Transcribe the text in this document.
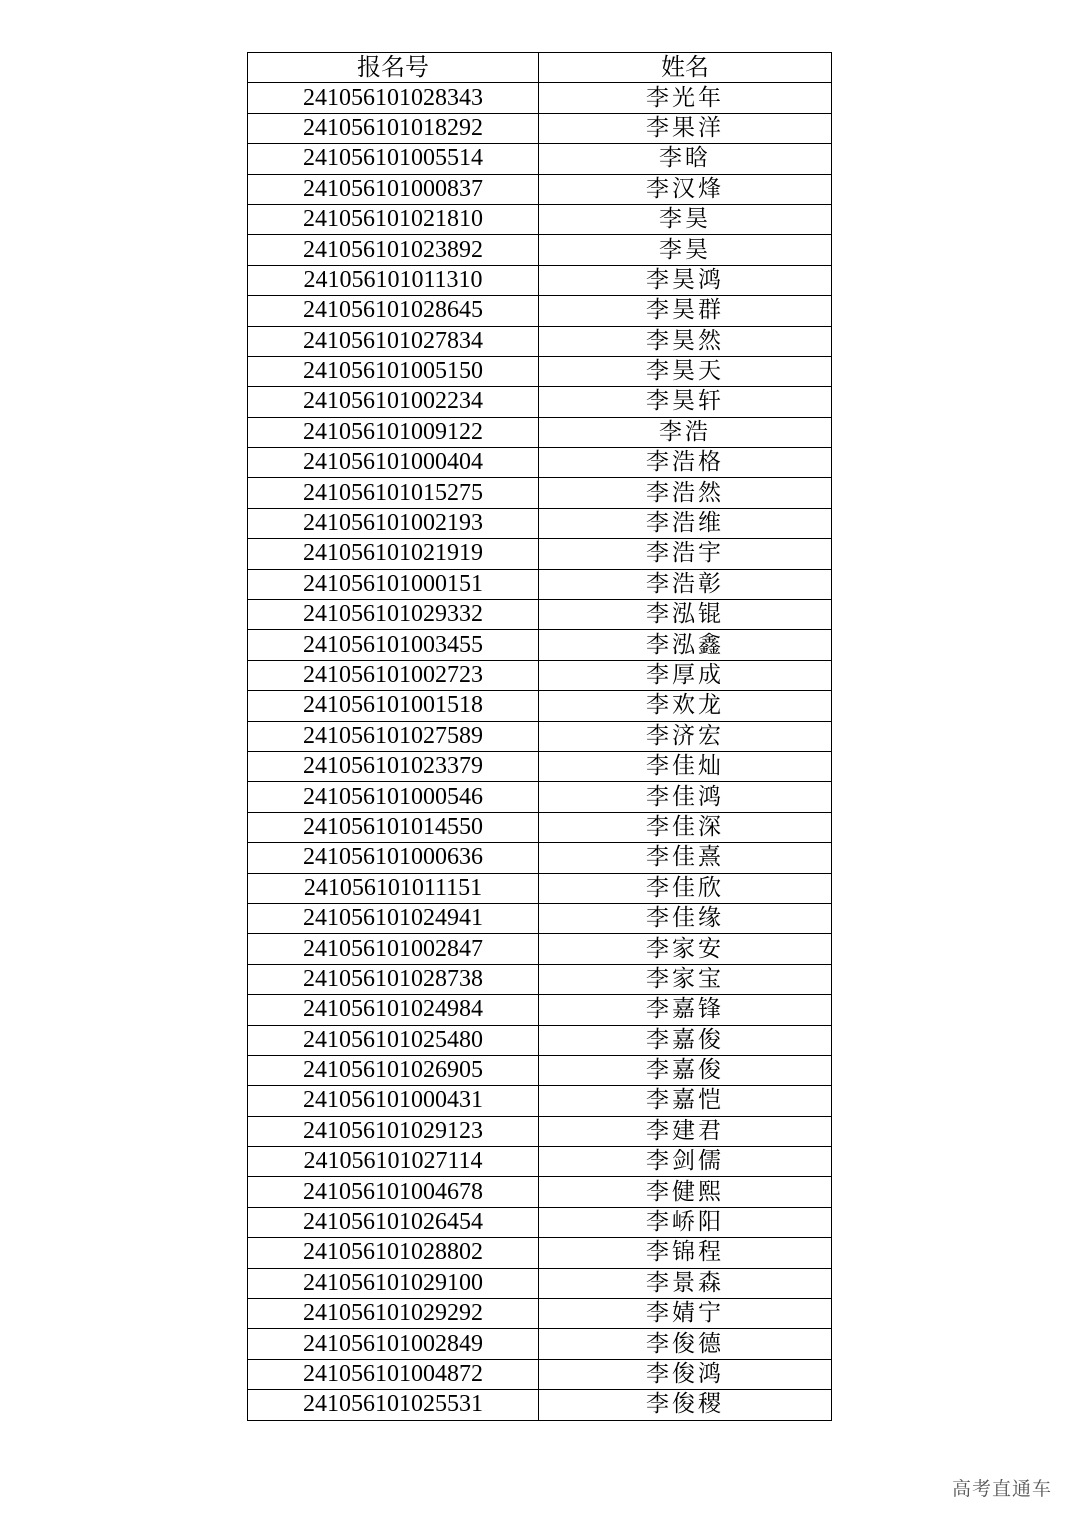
报名号	姓名
241056101028343	李光年
241056101018292	李果洋
241056101005514	李晗
241056101000837	李汉烽
241056101021810	李昊
241056101023892	李昊
241056101011310	李昊鸿
241056101028645	李昊群
241056101027834	李昊然
241056101005150	李昊天
241056101002234	李昊轩
241056101009122	李浩
241056101000404	李浩格
241056101015275	李浩然
241056101002193	李浩维
241056101021919	李浩宇
241056101000151	李浩彰
241056101029332	李泓锟
241056101003455	李泓鑫
241056101002723	李厚成
241056101001518	李欢龙
241056101027589	李济宏
241056101023379	李佳灿
241056101000546	李佳鸿
241056101014550	李佳深
241056101000636	李佳熹
241056101011151	李佳欣
241056101024941	李佳缘
241056101002847	李家安
241056101028738	李家宝
241056101024984	李嘉锋
241056101025480	李嘉俊
241056101026905	李嘉俊
241056101000431	李嘉恺
241056101029123	李建君
241056101027114	李剑儒
241056101004678	李健熙
241056101026454	李峤阳
241056101028802	李锦程
241056101029100	李景森
241056101029292	李婧宁
241056101002849	李俊德
241056101004872	李俊鸿
241056101025531	李俊稷
高考直通车
